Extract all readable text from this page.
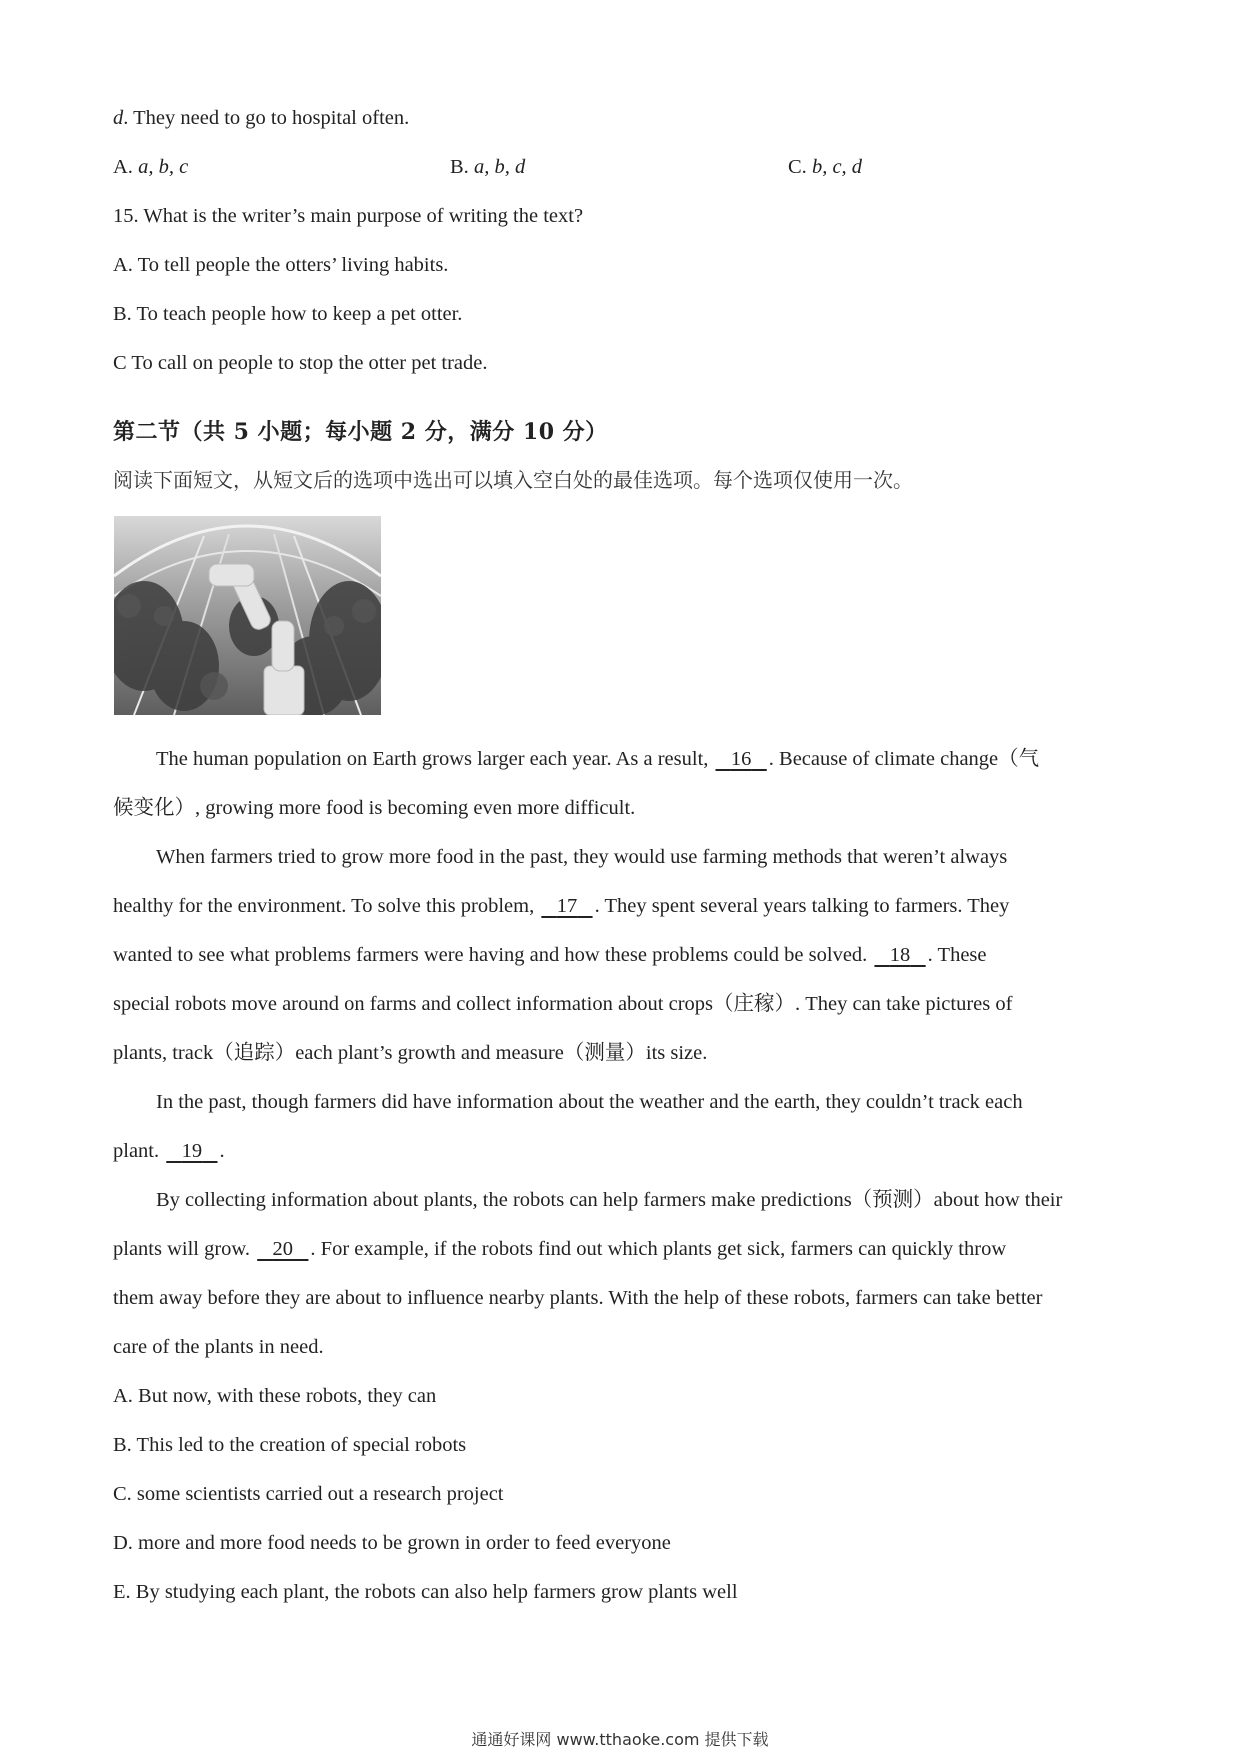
d. They need to go to hospital often.
A. a, b, c	B. a, b, d	C. b, c, d
15. What is the writer’s main purpose of writing the text?
A. To tell people the otters’ living habits.
B. To teach people how to keep a pet otter.
C To call on people to stop the otter pet trade.
第二节（共 5 小题；每小题 2 分，满分 10 分）
阅读下面短文，从短文后的选项中选出可以填入空白处的最佳选项。每个选项仅使用一次。
The human population on Earth grows larger each year. As a result,    16 . Because of climate change（气
候变化）, growing more food is becoming even more difficult.
When farmers tried to grow more food in the past, they would use farming methods that weren’t always
healthy for the environment. To solve this problem,    17 . They spent several years talking to farmers. They
wanted to see what problems farmers were having and how these problems could be solved.    18 . These
special robots move around on farms and collect information about crops（庄稼）. They can take pictures of
plants, track（追踪）each plant’s growth and measure（测量）its size.
In the past, though farmers did have information about the weather and the earth, they couldn’t track each
plant.    19 .
By collecting information about plants, the robots can help farmers make predictions（预测）about how their
plants will grow.    20 . For example, if the robots find out which plants get sick, farmers can quickly throw
them away before they are about to influence nearby plants. With the help of these robots, farmers can take better
care of the plants in need.
A. But now, with these robots, they can
B. This led to the creation of special robots
C. some scientists carried out a research project
D. more and more food needs to be grown in order to feed everyone
E. By studying each plant, the robots can also help farmers grow plants well
通通好课网 www.tthaoke.com 提供下载
